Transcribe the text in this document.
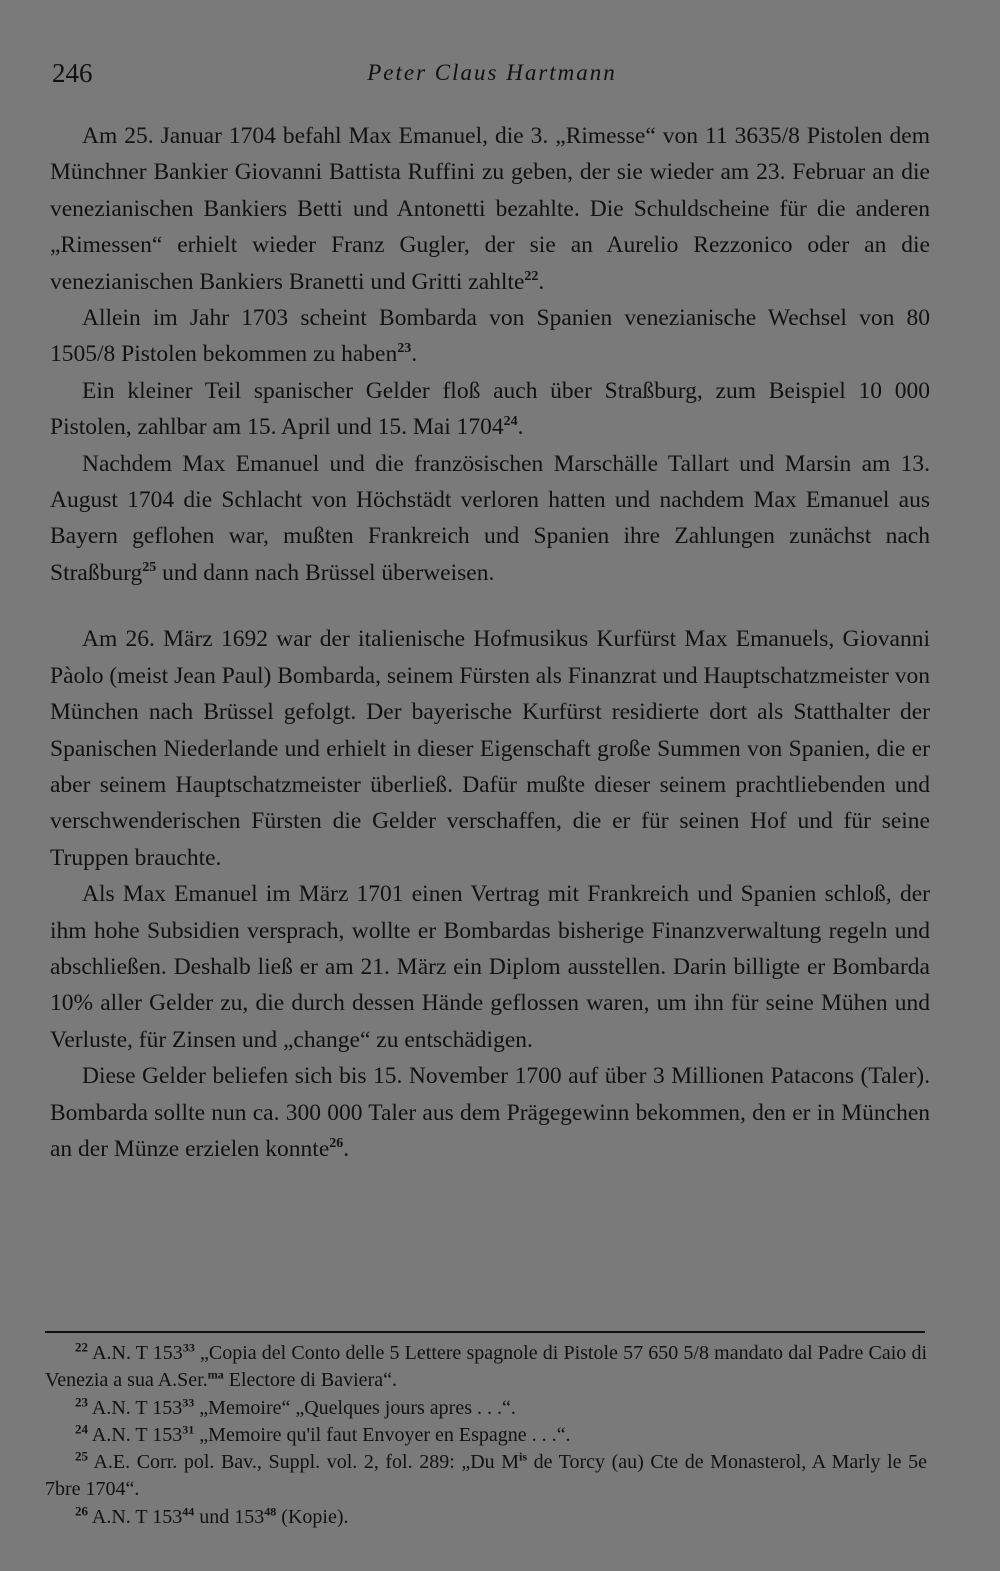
246	Peter Claus Hartmann

Am 25. Januar 1704 befahl Max Emanuel, die 3. „Rimesse“ von 11 3635/8 Pistolen dem Münchner Bankier Giovanni Battista Ruffini zu geben, der sie wieder am 23. Februar an die venezianischen Bankiers Betti und Antonetti bezahlte. Die Schuldscheine für die anderen „Rimessen“ erhielt wieder Franz Gugler, der sie an Aurelio Rezzonico oder an die venezianischen Bankiers Branetti und Gritti zahlte$^{22}$.

Allein im Jahr 1703 scheint Bombarda von Spanien venezianische Wechsel von 80 1505/8 Pistolen bekommen zu haben$^{23}$.

Ein kleiner Teil spanischer Gelder floß auch über Straßburg, zum Beispiel 10 000 Pistolen, zahlbar am 15. April und 15. Mai 1704$^{24}$.

Nachdem Max Emanuel und die französischen Marschälle Tallart und Marsin am 13. August 1704 die Schlacht von Höchstädt verloren hatten und nachdem Max Emanuel aus Bayern geflohen war, mußten Frankreich und Spanien ihre Zahlungen zunächst nach Straßburg$^{25}$ und dann nach Brüssel überweisen.

Am 26. März 1692 war der italienische Hofmusikus Kurfürst Max Emanuels, Giovanni Pàolo (meist Jean Paul) Bombarda, seinem Fürsten als Finanzrat und Hauptschatzmeister von München nach Brüssel gefolgt. Der bayerische Kurfürst residierte dort als Statthalter der Spanischen Niederlande und erhielt in dieser Eigenschaft große Summen von Spanien, die er aber seinem Hauptschatzmeister überließ. Dafür mußte dieser seinem prachtliebenden und verschwenderischen Fürsten die Gelder verschaffen, die er für seinen Hof und für seine Truppen brauchte.

Als Max Emanuel im März 1701 einen Vertrag mit Frankreich und Spanien schloß, der ihm hohe Subsidien versprach, wollte er Bombardas bisherige Finanzverwaltung regeln und abschließen. Deshalb ließ er am 21. März ein Diplom ausstellen. Darin billigte er Bombarda 10% aller Gelder zu, die durch dessen Hände geflossen waren, um ihn für seine Mühen und Verluste, für Zinsen und „change“ zu entschädigen.

Diese Gelder beliefen sich bis 15. November 1700 auf über 3 Millionen Patacons (Taler). Bombarda sollte nun ca. 300 000 Taler aus dem Prägegewinn bekommen, den er in München an der Münze erzielen konnte$^{26}$.

$^{22}$ A.N. T 153$^{33}$ „Copia del Conto delle 5 Lettere spagnole di Pistole 57 650 5/8 mandato dal Padre Caio di Venezia a sua A.Ser.$^{ma}$ Electore di Baviera“.

$^{23}$ A.N. T 153$^{33}$ „Memoire“ „Quelques jours apres . . .“.

$^{24}$ A.N. T 153$^{31}$ „Memoire qu'il faut Envoyer en Espagne . . .“.

$^{25}$ A.E. Corr. pol. Bav., Suppl. vol. 2, fol. 289: „Du M$^{is}$ de Torcy (au) Cte de Monasterol, A Marly le 5e 7bre 1704“.

$^{26}$ A.N. T 153$^{44}$ und 153$^{48}$ (Kopie).
